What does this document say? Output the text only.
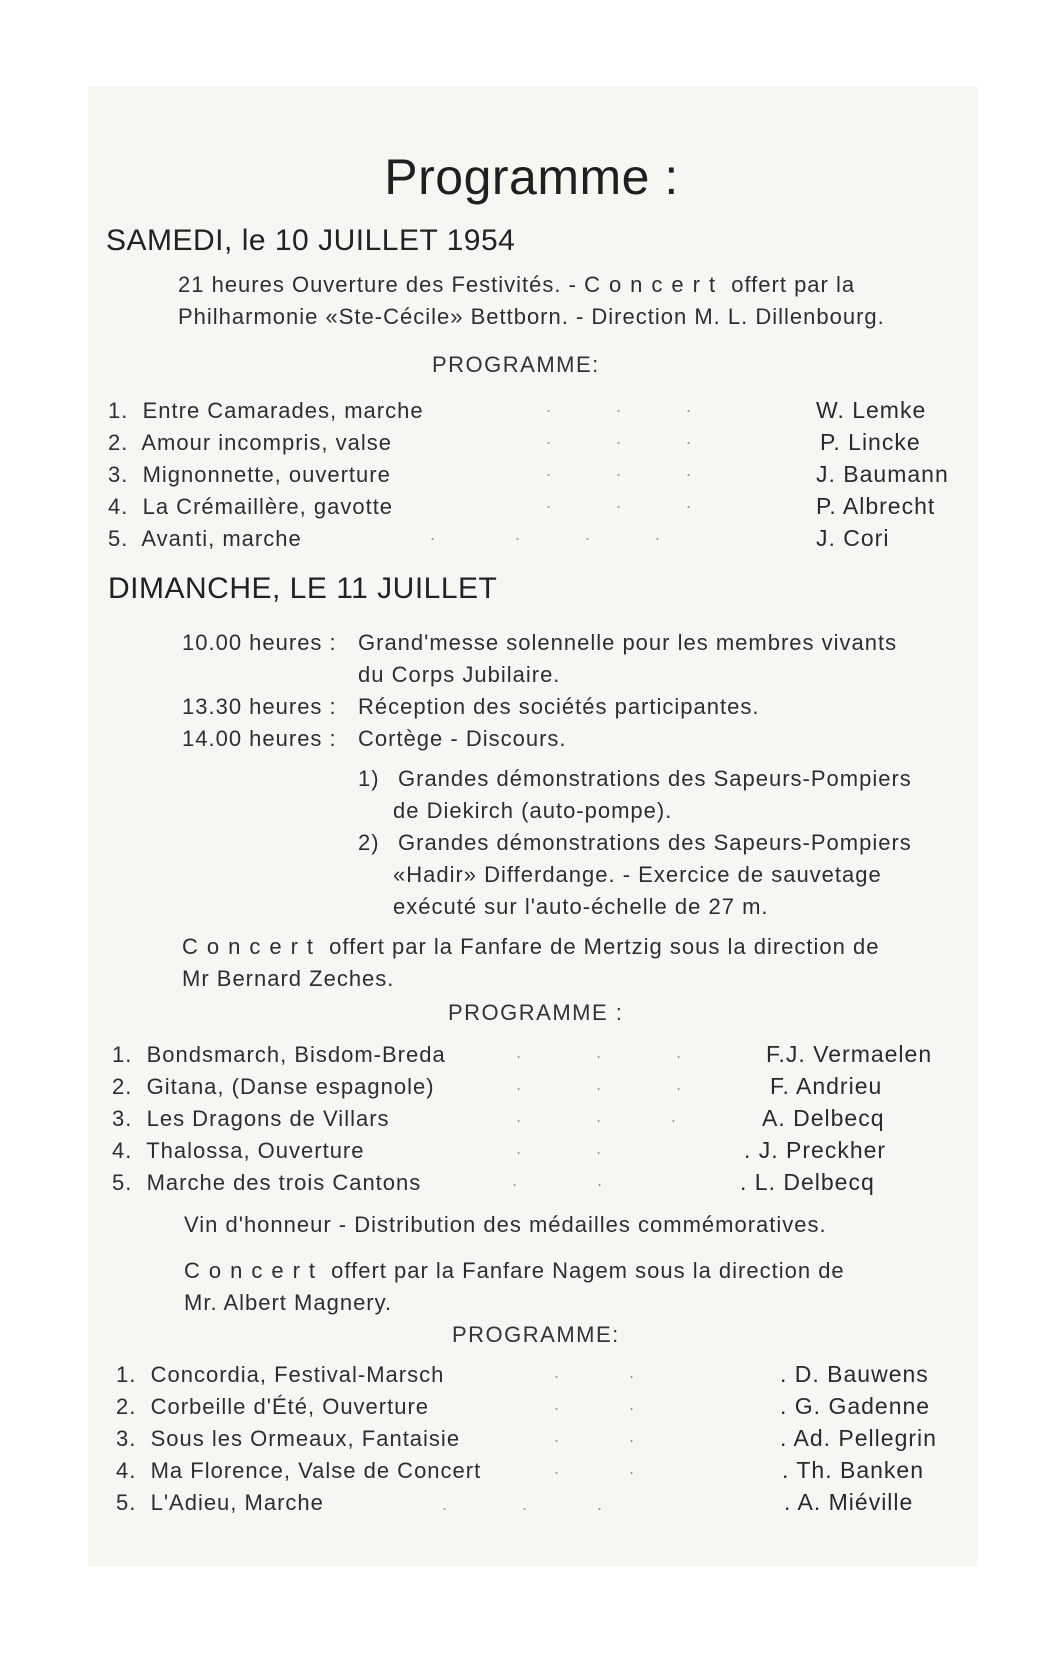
Programme :
SAMEDI, le 10 JUILLET 1954
21 heures Ouverture des Festivités. - Concert offert par la
Philharmonie «Ste-Cécile» Bettborn. - Direction M. L. Dillenbourg.
PROGRAMME:
1. Entre Camarades, marche	.             .             .	W. Lemke
2. Amour incompris, valse	.             .             .	P. Lincke
3. Mignonnette, ouverture	.             .             .	J. Baumann
4. La Crémaillère, gavotte	.             .             .	P. Albrecht
5. Avanti, marche	.                .             .             .	J. Cori
DIMANCHE, LE 11 JUILLET
10.00 heures : Grand'messe solennelle pour les membres vivants
du Corps Jubilaire.
13.30 heures : Réception des sociétés participantes.
14.00 heures : Cortège - Discours.
1) Grandes démonstrations des Sapeurs-Pompiers
de Diekirch (auto-pompe).
2) Grandes démonstrations des Sapeurs-Pompiers
«Hadir» Differdange. - Exercice de sauvetage
exécuté sur l'auto-échelle de 27 m.
Concert offert par la Fanfare de Mertzig sous la direction de
Mr Bernard Zeches.
PROGRAMME :
1. Bondsmarch, Bisdom-Breda	.               .               .	F.J. Vermaelen
2. Gitana, (Danse espagnole)	.               .               .	F. Andrieu
3. Les Dragons de Villars	.               .              .	A. Delbecq
4. Thalossa, Ouverture	.               .	. J. Preckher
5. Marche des trois Cantons	.                .	. L. Delbecq
Vin d'honneur - Distribution des médailles commémoratives.
Concert offert par la Fanfare Nagem sous la direction de
Mr. Albert Magnery.
PROGRAMME:
1. Concordia, Festival-Marsch	.              .	. D. Bauwens
2. Corbeille d'Été, Ouverture	.              .	. G. Gadenne
3. Sous les Ormeaux, Fantaisie	.              .	. Ad. Pellegrin
4. Ma Florence, Valse de Concert	.              .	. Th. Banken
5. L'Adieu, Marche	.               .              .	. A. Miéville
